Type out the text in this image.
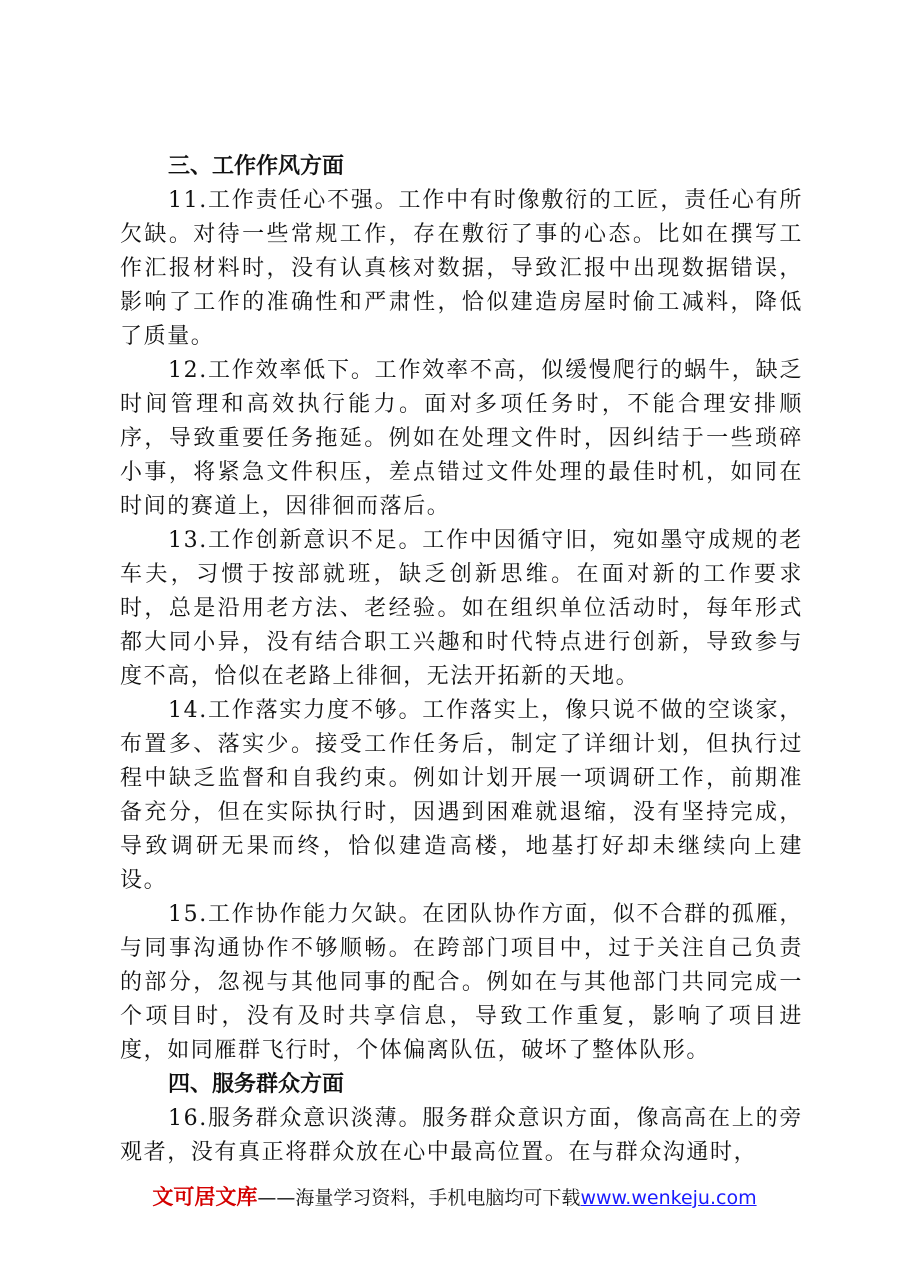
三、工作作风方面

11.工作责任心不强。工作中有时像敷衍的工匠，责任心有所欠缺。对待一些常规工作，存在敷衍了事的心态。比如在撰写工作汇报材料时，没有认真核对数据，导致汇报中出现数据错误，影响了工作的准确性和严肃性，恰似建造房屋时偷工减料，降低了质量。

12.工作效率低下。工作效率不高，似缓慢爬行的蜗牛，缺乏时间管理和高效执行能力。面对多项任务时，不能合理安排顺序，导致重要任务拖延。例如在处理文件时，因纠结于一些琐碎小事，将紧急文件积压，差点错过文件处理的最佳时机，如同在时间的赛道上，因徘徊而落后。

13.工作创新意识不足。工作中因循守旧，宛如墨守成规的老车夫，习惯于按部就班，缺乏创新思维。在面对新的工作要求时，总是沿用老方法、老经验。如在组织单位活动时，每年形式都大同小异，没有结合职工兴趣和时代特点进行创新，导致参与度不高，恰似在老路上徘徊，无法开拓新的天地。

14.工作落实力度不够。工作落实上，像只说不做的空谈家，布置多、落实少。接受工作任务后，制定了详细计划，但执行过程中缺乏监督和自我约束。例如计划开展一项调研工作，前期准备充分，但在实际执行时，因遇到困难就退缩，没有坚持完成，导致调研无果而终，恰似建造高楼，地基打好却未继续向上建设。

15.工作协作能力欠缺。在团队协作方面，似不合群的孤雁，与同事沟通协作不够顺畅。在跨部门项目中，过于关注自己负责的部分，忽视与其他同事的配合。例如在与其他部门共同完成一个项目时，没有及时共享信息，导致工作重复，影响了项目进度，如同雁群飞行时，个体偏离队伍，破坏了整体队形。

四、服务群众方面

16.服务群众意识淡薄。服务群众意识方面，像高高在上的旁观者，没有真正将群众放在心中最高位置。在与群众沟通时，

文可居文库——海量学习资料，手机电脑均可下载www.wenkeju.com
